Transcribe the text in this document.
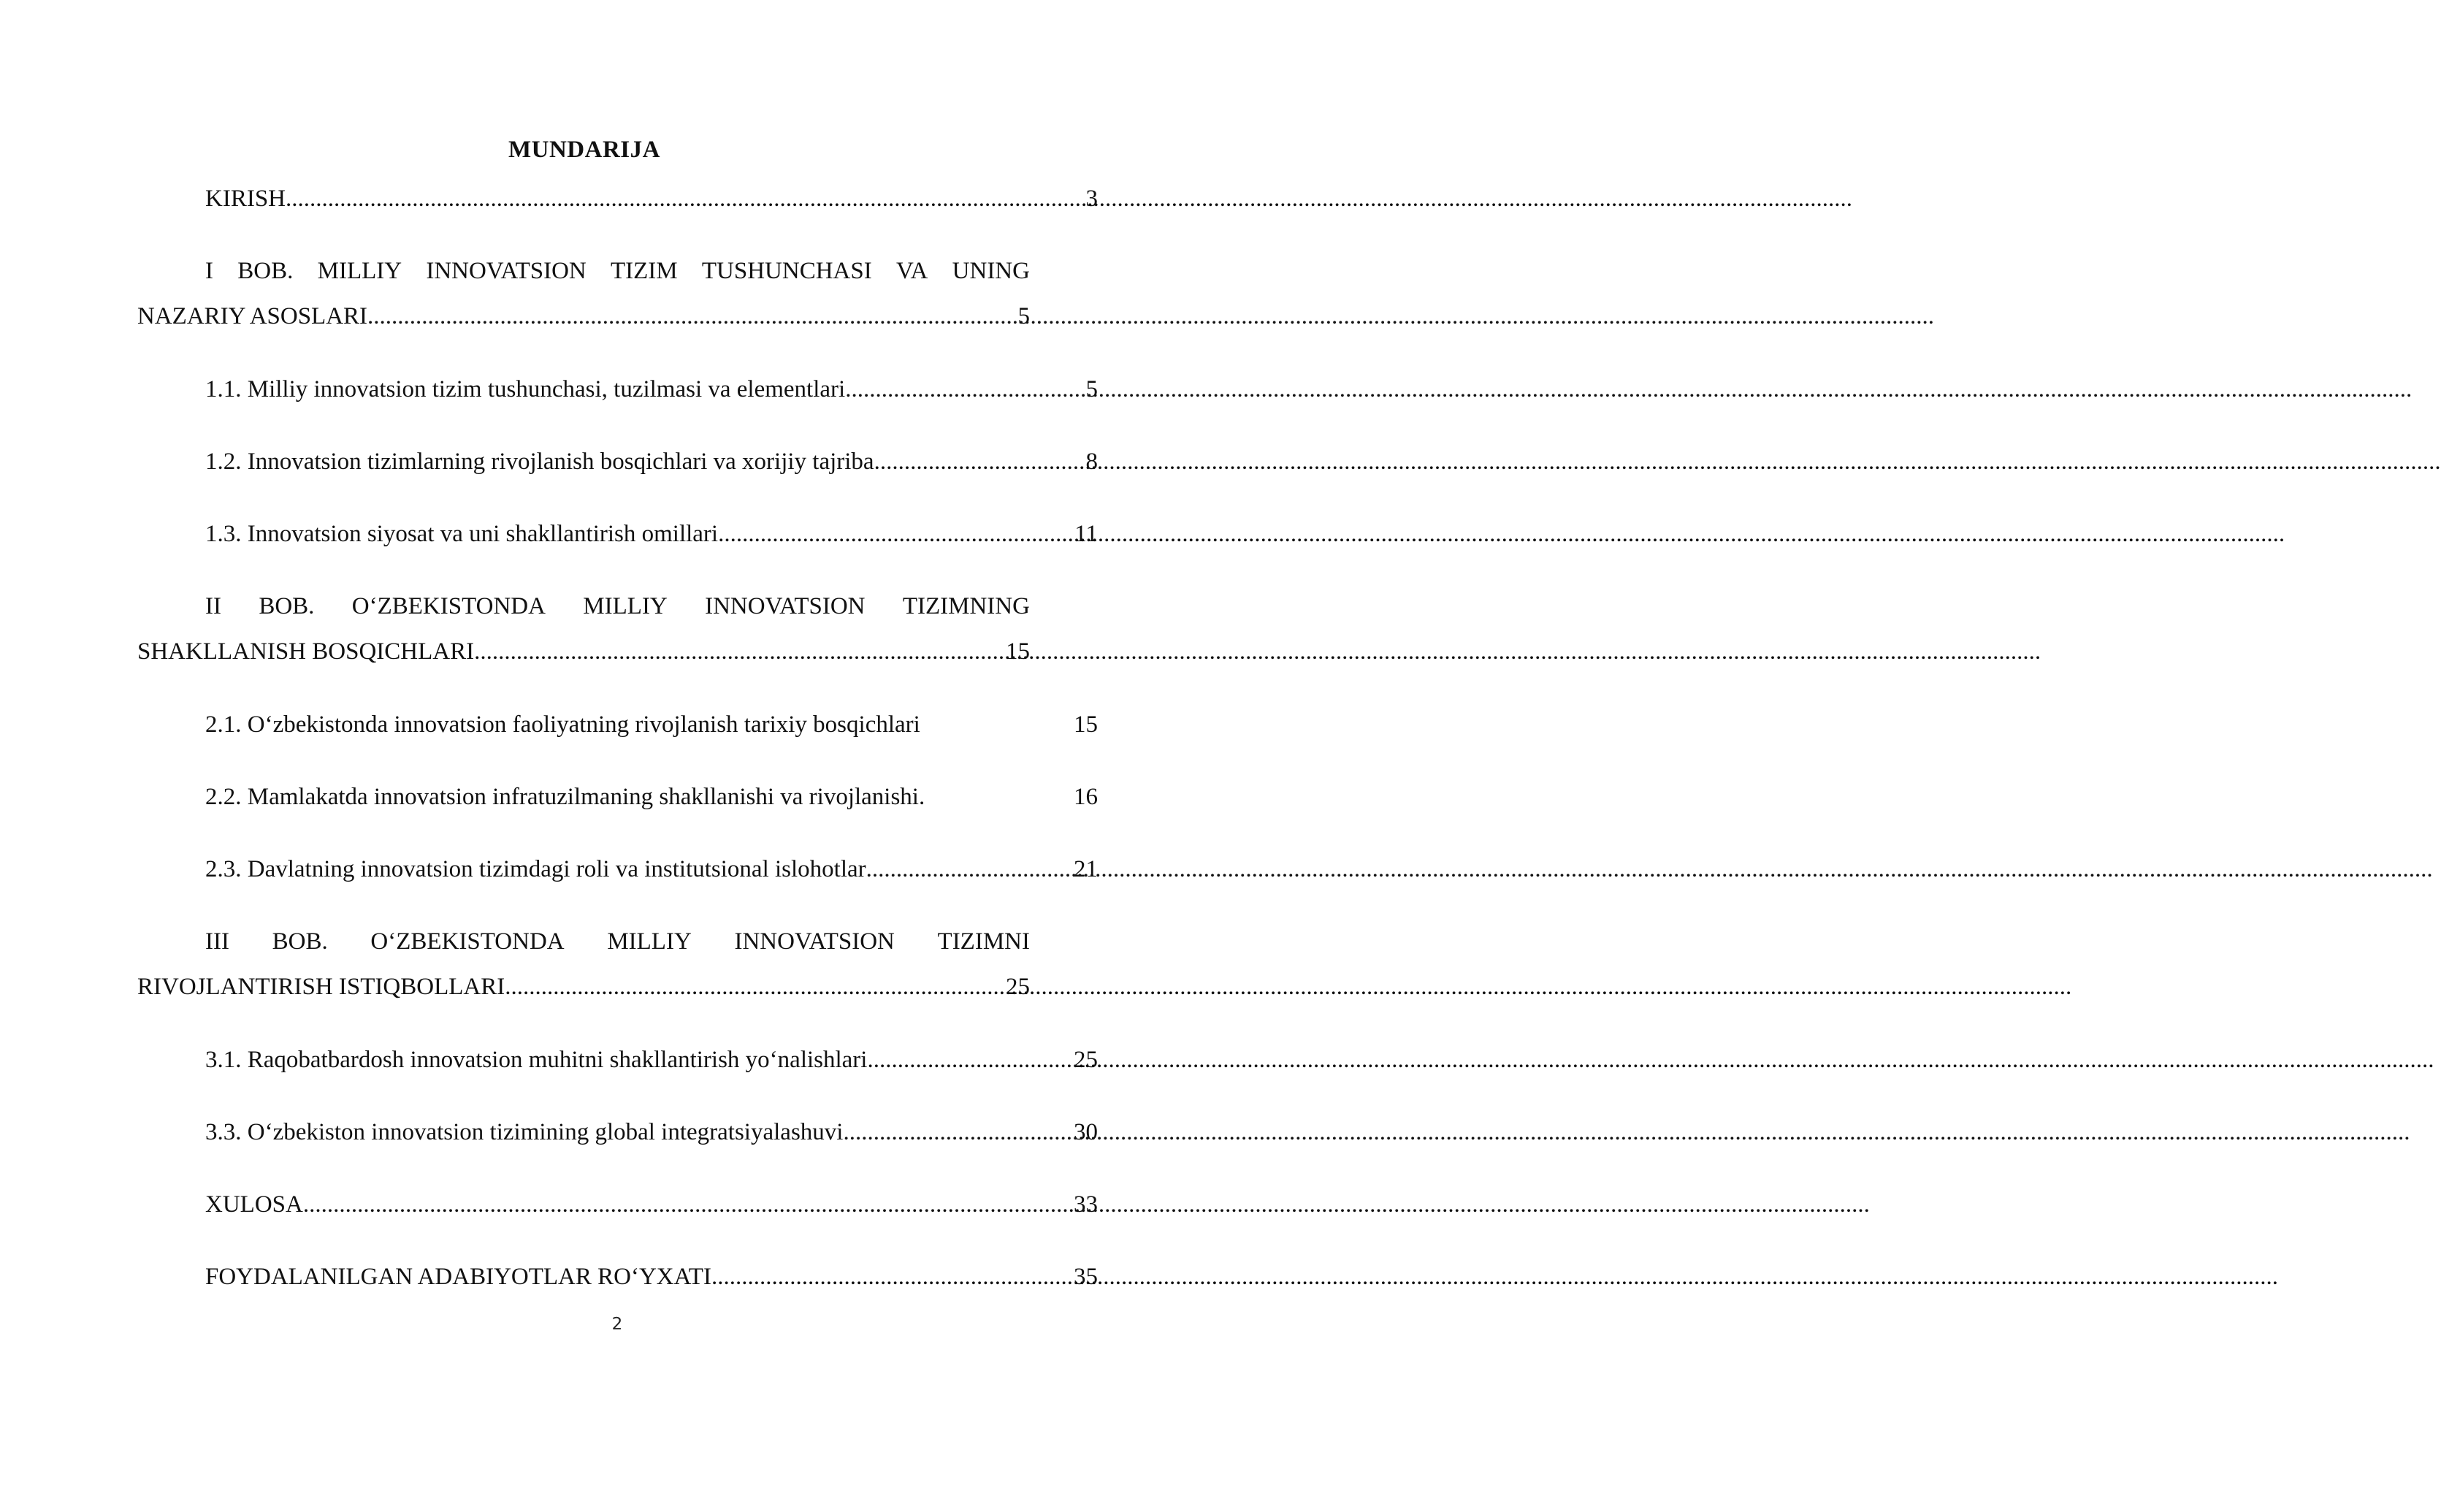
MUNDARIJA
KIRISH .....	3
I BOB. MILLIY INNOVATSION TIZIM TUSHUNCHASI VA UNING
NAZARIY ASOSLARI .....	5
1.1. Milliy innovatsion tizim tushunchasi, tuzilmasi va elementlari .....	5
1.2. Innovatsion tizimlarning rivojlanish bosqichlari va xorijiy tajriba .....	8
1.3. Innovatsion siyosat va uni shakllantirish omillari .....	11
II BOB. O‘ZBEKISTONDA MILLIY INNOVATSION TIZIMNING
SHAKLLANISH BOSQICHLARI .....	15
2.1. O‘zbekistonda innovatsion faoliyatning rivojlanish tarixiy bosqichlari	15
2.2. Mamlakatda innovatsion infratuzilmaning shakllanishi va rivojlanishi.	16
2.3. Davlatning innovatsion tizimdagi roli va institutsional islohotlar .....	21
III BOB. O‘ZBEKISTONDA MILLIY INNOVATSION TIZIMNI
RIVOJLANTIRISH ISTIQBOLLARI .....	25
3.1. Raqobatbardosh innovatsion muhitni shakllantirish yo‘nalishlari .....	25
3.3. O‘zbekiston innovatsion tizimining global integratsiyalashuvi .....	30
XULOSA .....	33
FOYDALANILGAN ADABIYOTLAR RO‘YXATI .....	35
2
